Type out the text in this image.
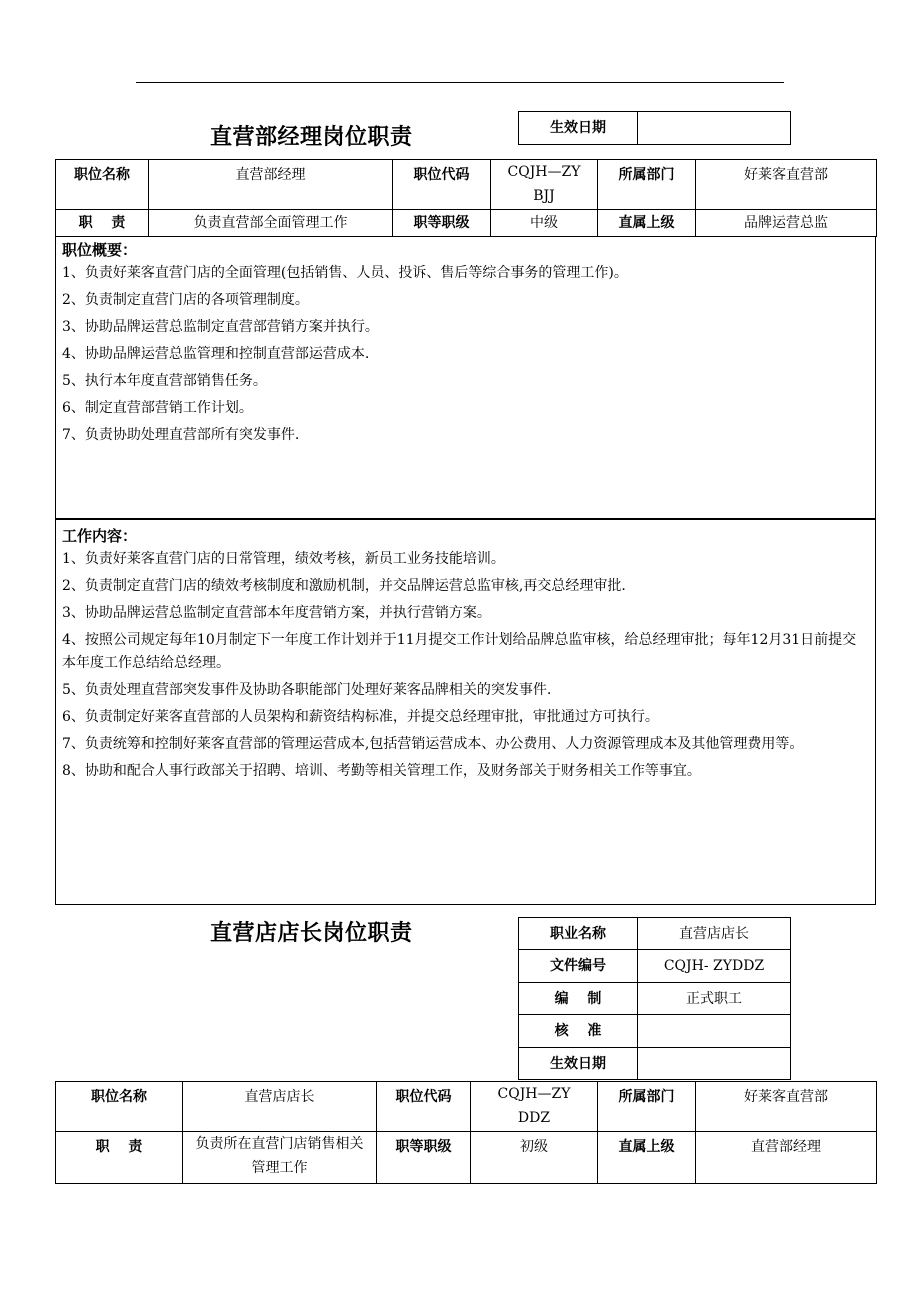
直营部经理岗位职责	生效日期	
职位名称	直营部经理	职位代码	CQJH—ZYBJJ	所属部门	好莱客直营部
职　 责	负责直营部全面管理工作	职等职级	中级	直属上级	品牌运营总监
职位概要：

1、负责好莱客直营门店的全面管理(包括销售、人员、投诉、售后等综合事务的管理工作)。

2、负责制定直营门店的各项管理制度。

3、协助品牌运营总监制定直营部营销方案并执行。

4、协助品牌运营总监管理和控制直营部运营成本.

5、执行本年度直营部销售任务。

6、制定直营部营销工作计划。

7、负责协助处理直营部所有突发事件.

工作内容：

1、负责好莱客直营门店的日常管理，绩效考核，新员工业务技能培训。

2、负责制定直营门店的绩效考核制度和激励机制，并交品牌运营总监审核,再交总经理审批.

3、协助品牌运营总监制定直营部本年度营销方案，并执行营销方案。

4、按照公司规定每年10月制定下一年度工作计划并于11月提交工作计划给品牌总监审核，给总经理审批；每年12月31日前提交本年度工作总结给总经理。

5、负责处理直营部突发事件及协助各职能部门处理好莱客品牌相关的突发事件.

6、负责制定好莱客直营部的人员架构和薪资结构标准，并提交总经理审批，审批通过方可执行。

7、负责统筹和控制好莱客直营部的管理运营成本,包括营销运营成本、办公费用、人力资源管理成本及其他管理费用等。

8、协助和配合人事行政部关于招聘、培训、考勤等相关管理工作，及财务部关于财务相关工作等事宜。

直营店店长岗位职责	职业名称	直营店店长
文件编号	CQJH- ZYDDZ
编　 制	正式职工
核　 准	
生效日期	
职位名称	直营店店长	职位代码	CQJH—ZYDDZ	所属部门	好莱客直营部
职　 责	负责所在直营门店销售相关管理工作	职等职级	初级	直属上级	直营部经理
